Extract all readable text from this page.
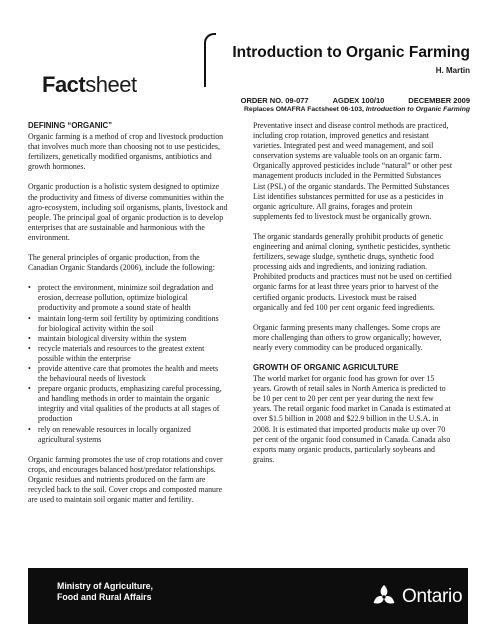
Introduction to Organic Farming
H. Martin
Factsheet
ORDER NO. 09-077	AGDEX 100/10	DECEMBER 2009
Replaces OMAFRA Factsheet 06-103, Introduction to Organic Farming
DEFINING “ORGANIC”

Organic farming is a method of crop and livestock production that involves much more than choosing not to use pesticides, fertilizers, genetically modified organisms, antibiotics and growth hormones.

Organic production is a holistic system designed to optimize the productivity and fitness of diverse communities within the agro-ecosystem, including soil organisms, plants, livestock and people. The principal goal of organic production is to develop enterprises that are sustainable and harmonious with the environment.

The general principles of organic production, from the Canadian Organic Standards (2006), include the following:

• protect the environment, minimize soil degradation and erosion, decrease pollution, optimize biological productivity and promote a sound state of health
• maintain long-term soil fertility by optimizing conditions for biological activity within the soil
• maintain biological diversity within the system
• recycle materials and resources to the greatest extent possible within the enterprise
• provide attentive care that promotes the health and meets the behavioural needs of livestock
• prepare organic products, emphasizing careful processing, and handling methods in order to maintain the organic integrity and vital qualities of the products at all stages of production
• rely on renewable resources in locally organized agricultural systems

Organic farming promotes the use of crop rotations and cover crops, and encourages balanced host/predator relationships. Organic residues and nutrients produced on the farm are recycled back to the soil. Cover crops and composted manure are used to maintain soil organic matter and fertility.

Preventative insect and disease control methods are practiced, including crop rotation, improved genetics and resistant varieties. Integrated pest and weed management, and soil conservation systems are valuable tools on an organic farm. Organically approved pesticides include “natural” or other pest management products included in the Permitted Substances List (PSL) of the organic standards. The Permitted Substances List identifies substances permitted for use as a pesticides in organic agriculture. All grains, forages and protein supplements fed to livestock must be organically grown.

The organic standards generally prohibit products of genetic engineering and animal cloning, synthetic pesticides, synthetic fertilizers, sewage sludge, synthetic drugs, synthetic food processing aids and ingredients, and ionizing radiation. Prohibited products and practices must not be used on certified organic farms for at least three years prior to harvest of the certified organic products. Livestock must be raised organically and fed 100 per cent organic feed ingredients.

Organic farming presents many challenges. Some crops are more challenging than others to grow organically; however, nearly every commodity can be produced organically.

GROWTH OF ORGANIC AGRICULTURE

The world market for organic food has grown for over 15 years. Growth of retail sales in North America is predicted to be 10 per cent to 20 per cent per year during the next few years. The retail organic food market in Canada is estimated at over $1.5 billion in 2008 and $22.9 billion in the U.S.A. in 2008. It is estimated that imported products make up over 70 per cent of the organic food consumed in Canada. Canada also exports many organic products, particularly soybeans and grains.

Ministry of Agriculture,
Food and Rural Affairs	Ontario
